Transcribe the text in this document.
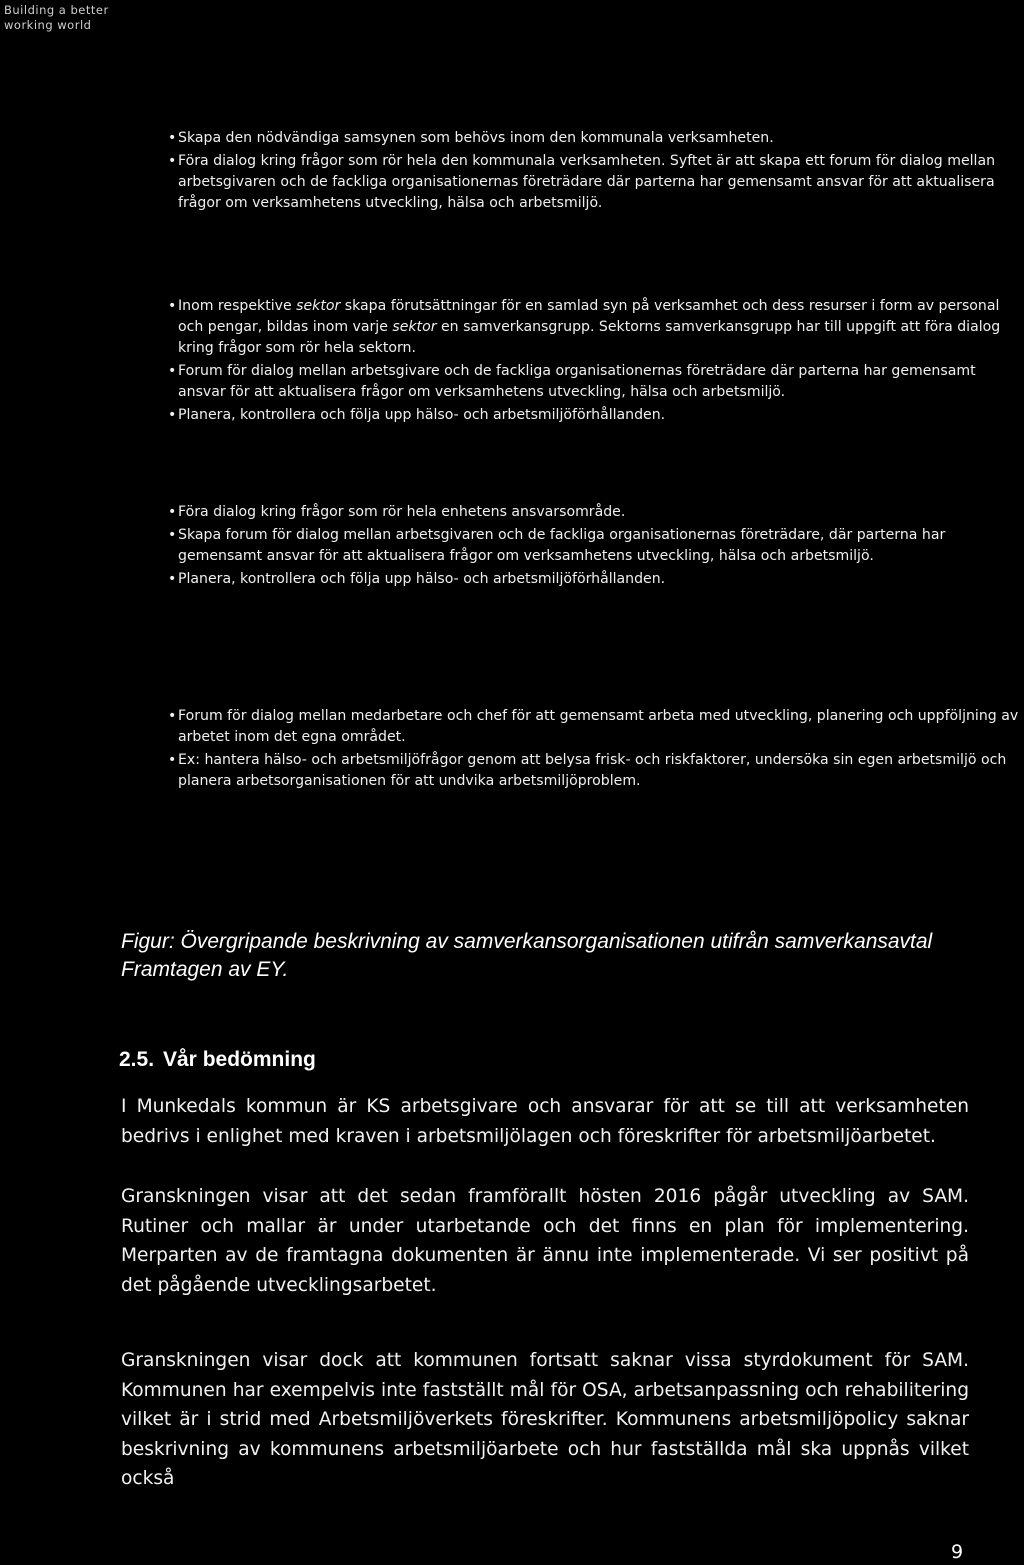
Building a better
working world
• Skapa den nödvändiga samsynen som behövs inom den kommunala verksamheten.
• Föra dialog kring frågor som rör hela den kommunala verksamheten. Syftet är att skapa ett forum för dialog mellan arbetsgivaren och de fackliga organisationernas företrädare där parterna har gemensamt ansvar för att aktualisera frågor om verksamhetens utveckling, hälsa och arbetsmiljö.
• Inom respektive sektor skapa förutsättningar för en samlad syn på verksamhet och dess resurser i form av personal och pengar, bildas inom varje sektor en samverkansgrupp. Sektorns samverkansgrupp har till uppgift att föra dialog kring frågor som rör hela sektorn.
• Forum för dialog mellan arbetsgivare och de fackliga organisationernas företrädare där parterna har gemensamt ansvar för att aktualisera frågor om verksamhetens utveckling, hälsa och arbetsmiljö.
• Planera, kontrollera och följa upp hälso- och arbetsmiljöförhållanden.
• Föra dialog kring frågor som rör hela enhetens ansvarsområde.
• Skapa forum för dialog mellan arbetsgivaren och de fackliga organisationernas företrädare, där parterna har gemensamt ansvar för att aktualisera frågor om verksamhetens utveckling, hälsa och arbetsmiljö.
• Planera, kontrollera och följa upp hälso- och arbetsmiljöförhållanden.
• Forum för dialog mellan medarbetare och chef för att gemensamt arbeta med utveckling, planering och uppföljning av arbetet inom det egna området.
• Ex: hantera hälso- och arbetsmiljöfrågor genom att belysa frisk- och riskfaktorer, undersöka sin egen arbetsmiljö och planera arbetsorganisationen för att undvika arbetsmiljöproblem.
Figur: Övergripande beskrivning av samverkansorganisationen utifrån samverkansavtal
Framtagen av EY.
2.5. Vår bedömning
I Munkedals kommun är KS arbetsgivare och ansvarar för att se till att verksamheten bedrivs i enlighet med kraven i arbetsmiljölagen och föreskrifter för arbetsmiljöarbetet.
Granskningen visar att det sedan framförallt hösten 2016 pågår utveckling av SAM. Rutiner och mallar är under utarbetande och det finns en plan för implementering. Merparten av de framtagna dokumenten är ännu inte implementerade. Vi ser positivt på det pågående utvecklingsarbetet.
Granskningen visar dock att kommunen fortsatt saknar vissa styrdokument för SAM. Kommunen har exempelvis inte fastställt mål för OSA, arbetsanpassning och rehabilitering vilket är i strid med Arbetsmiljöverkets föreskrifter. Kommunens arbetsmiljöpolicy saknar beskrivning av kommunens arbetsmiljöarbete och hur fastställda mål ska uppnås vilket också
9
